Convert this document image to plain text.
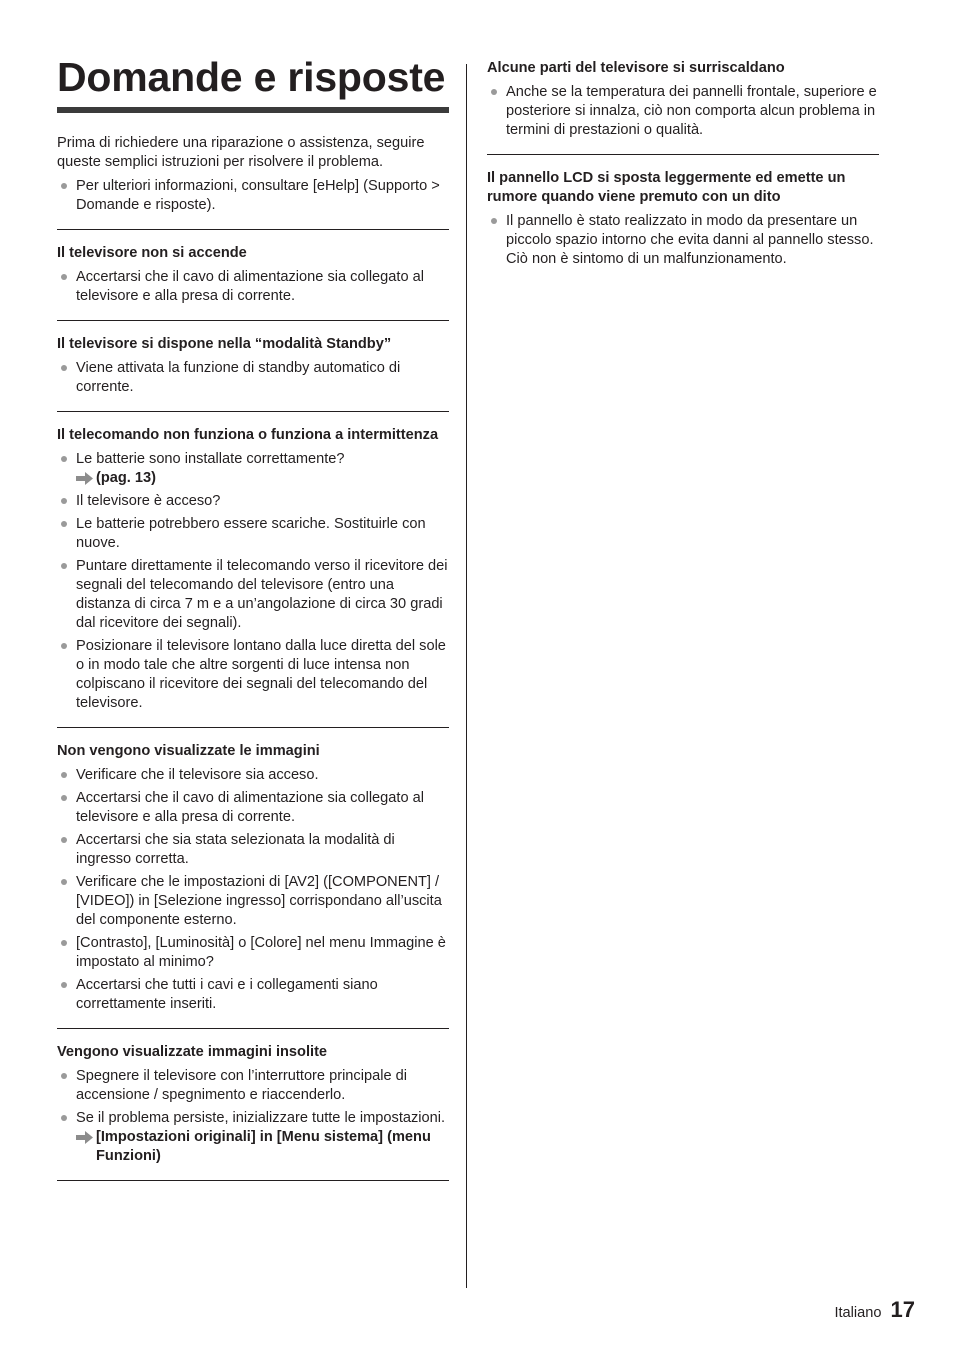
Domande e risposte
Prima di richiedere una riparazione o assistenza, seguire queste semplici istruzioni per risolvere il problema.
Per ulteriori informazioni, consultare [eHelp] (Supporto > Domande e risposte).
Il televisore non si accende
Accertarsi che il cavo di alimentazione sia collegato al televisore e alla presa di corrente.
Il televisore si dispone nella “modalità Standby”
Viene attivata la funzione di standby automatico di corrente.
Il telecomando non funziona o funziona a intermittenza
Le batterie sono installate correttamente?
(pag. 13)
Il televisore è acceso?
Le batterie potrebbero essere scariche. Sostituirle con nuove.
Puntare direttamente il telecomando verso il ricevitore dei segnali del telecomando del televisore (entro una distanza di circa 7 m e a un’angolazione di circa 30 gradi dal ricevitore dei segnali).
Posizionare il televisore lontano dalla luce diretta del sole o in modo tale che altre sorgenti di luce intensa non colpiscano il ricevitore dei segnali del telecomando del televisore.
Non vengono visualizzate le immagini
Verificare che il televisore sia acceso.
Accertarsi che il cavo di alimentazione sia collegato al televisore e alla presa di corrente.
Accertarsi che sia stata selezionata la modalità di ingresso corretta.
Verificare che le impostazioni di [AV2] ([COMPONENT] / [VIDEO]) in [Selezione ingresso] corrispondano all’uscita del componente esterno.
[Contrasto], [Luminosità] o [Colore] nel menu Immagine è impostato al minimo?
Accertarsi che tutti i cavi e i collegamenti siano correttamente inseriti.
Vengono visualizzate immagini insolite
Spegnere il televisore con l’interruttore principale di accensione / spegnimento e riaccenderlo.
Se il problema persiste, inizializzare tutte le impostazioni.
[Impostazioni originali] in [Menu sistema] (menu Funzioni)
Alcune parti del televisore si surriscaldano
Anche se la temperatura dei pannelli frontale, superiore e posteriore si innalza, ciò non comporta alcun problema in termini di prestazioni o qualità.
Il pannello LCD si sposta leggermente ed emette un rumore quando viene premuto con un dito
Il pannello è stato realizzato in modo da presentare un piccolo spazio intorno che evita danni al pannello stesso. Ciò non è sintomo di un malfunzionamento.
Italiano 17
